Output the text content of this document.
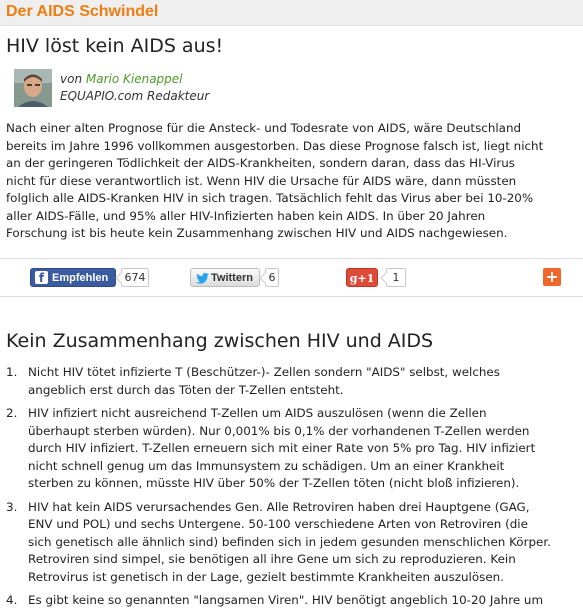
Der AIDS Schwindel
HIV löst kein AIDS aus!
von Mario Kienappel
EQUAPIO.com Redakteur
Nach einer alten Prognose für die Ansteck- und Todesrate von AIDS, wäre Deutschland
bereits im Jahre 1996 vollkommen ausgestorben. Das diese Prognose falsch ist, liegt nicht
an der geringeren Tödlichkeit der AIDS-Krankheiten, sondern daran, dass das HI-Virus
nicht für diese verantwortlich ist. Wenn HIV die Ursache für AIDS wäre, dann müssten
folglich alle AIDS-Kranken HIV in sich tragen. Tatsächlich fehlt das Virus aber bei 10-20%
aller AIDS-Fälle, und 95% aller HIV-Infizierten haben kein AIDS. In über 20 Jahren
Forschung ist bis heute kein Zusammenhang zwischen HIV und AIDS nachgewiesen.
f Empfehlen	674	Twittern	6	g+1	1	+
Kein Zusammenhang zwischen HIV und AIDS
1. Nicht HIV tötet infizierte T (Beschützer-)- Zellen sondern "AIDS" selbst, welches
angeblich erst durch das Töten der T-Zellen entsteht.
2. HIV infiziert nicht ausreichend T-Zellen um AIDS auszulösen (wenn die Zellen
überhaupt sterben würden). Nur 0,001% bis 0,1% der vorhandenen T-Zellen werden
durch HIV infiziert. T-Zellen erneuern sich mit einer Rate von 5% pro Tag. HIV infiziert
nicht schnell genug um das Immunsystem zu schädigen. Um an einer Krankheit
sterben zu können, müsste HIV über 50% der T-Zellen töten (nicht bloß infizieren).
3. HIV hat kein AIDS verursachendes Gen. Alle Retroviren haben drei Hauptgene (GAG,
ENV und POL) und sechs Untergene. 50-100 verschiedene Arten von Retroviren (die
sich genetisch alle ähnlich sind) befinden sich in jedem gesunden menschlichen Körper.
Retroviren sind simpel, sie benötigen all ihre Gene um sich zu reproduzieren. Kein
Retrovirus ist genetisch in der Lage, gezielt bestimmte Krankheiten auszulösen.
4. Es gibt keine so genannten "langsamen Viren". HIV benötigt angeblich 10-20 Jahre um
